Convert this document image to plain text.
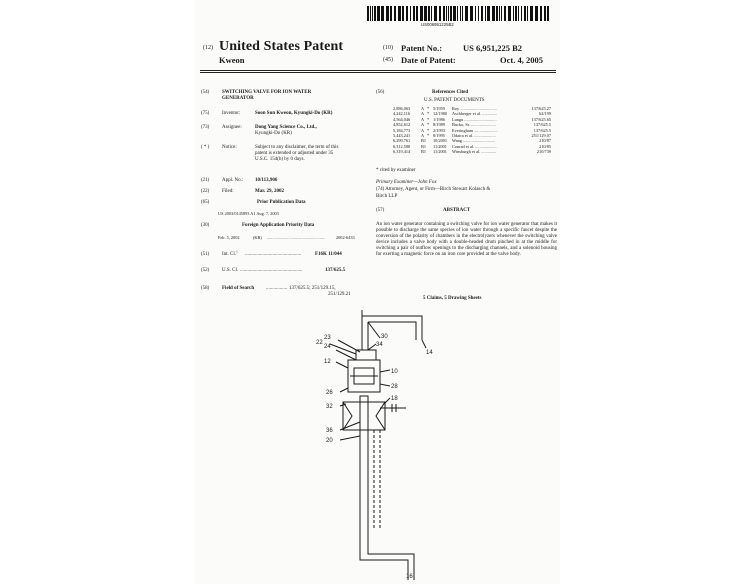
US006951225B2
(12) United States Patent
Kweon
(10) Patent No.: US 6,951,225 B2
(45) Date of Patent:	Oct. 4, 2005
(54)	SWITCHING VALVE FOR ION WATER
GENERATOR
(75)	Inventor:	Soon Sun Kweon, Kyungki-Do (KR)
(73)	Assignee:	Dong Yang Science Co., Ltd.,
Kyungki-Do (KR)
( * )	Notice:	Subject to any disclaimer, the term of this
patent is extended or adjusted under 35
U.S.C. 154(b) by 0 days.
(21)	Appl. No.: 10/113,906
(22)	Filed:	Mar. 29, 2002
(65)	Prior Publication Data
US 2003/0145893 A1 Aug. 7, 2003
(30)	Foreign Application Priority Data
Feb. 5, 2002	(KR) ......................................................	2002-6433
(51)	Int. Cl.⁷ .............................................	F16K 11/044
(52)	U.S. Cl. ..................................................	137/625.5
(58)	Field of Search ................. 137/625.5; 251/129.15,
251/129.21
(56)	References Cited
U.S. PATENT DOCUMENTS
2,886,063	A * 5/1959	Roy ..................................	137/625.27
4,242,116	A * 12/1980	Aschberger et al. ..............	62/199
4,564,046	A * 1/1986	Lungu ..............................	137/625.65
4,852,612	A * 8/1989	Bucko, Sr. .......................	137/625.5
5,184,773	A * 2/1993	Everingham ......................	137/625.5
5,443,241	A * 8/1995	Odaira et al. ....................	251/129.07
6,299,761	B1 10/2001	Wang ..............................	210/87
6,312,588	B1 11/2001	Conrad et al. ....................	210/85
6,319,414	B1 11/2001	Winsburgh et al. ..............	210/739
* cited by examiner
Primary Examiner—John Fox
(74) Attorney, Agent, or Firm—Birch Stewart Kolasch &
Birch LLP
(57)	ABSTRACT
An ion water generator containing a switching valve for ion water generator that makes it possible to discharge the same species of ion water through a specific faucet despite the conversion of the polarity of chambers in the electrolyzers whenever the switching valve device includes a valve body with a double-headed drum pinched in at the middle for switching a pair of outflow openings to the discharging channels, and a solenoid housing for exerting a magnetic force on an iron core provided at the valve body.
5 Claims, 5 Drawing Sheets
22
23
24	34
30
12
14
10
28
26
18
32
36
20
16
